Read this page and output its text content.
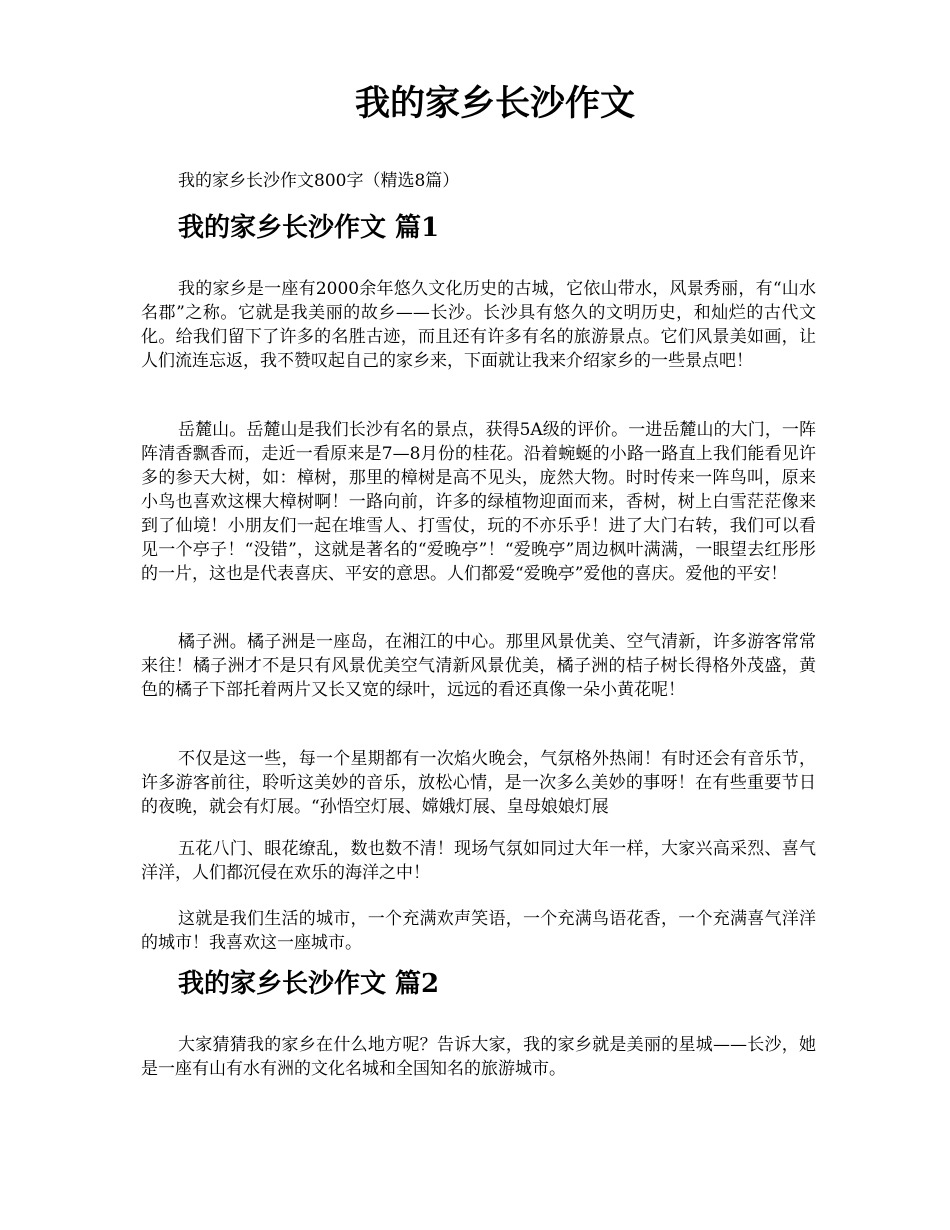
我的家乡长沙作文

我的家乡长沙作文800字（精选8篇）

我的家乡长沙作文 篇1

我的家乡是一座有2000余年悠久文化历史的古城，它依山带水，风景秀丽，有“山水名郡”之称。它就是我美丽的故乡——长沙。长沙具有悠久的文明历史，和灿烂的古代文化。给我们留下了许多的名胜古迹，而且还有许多有名的旅游景点。它们风景美如画，让人们流连忘返，我不赞叹起自己的家乡来，下面就让我来介绍家乡的一些景点吧！

岳麓山。岳麓山是我们长沙有名的景点，获得5A级的评价。一进岳麓山的大门，一阵阵清香飘香而，走近一看原来是7—8月份的桂花。沿着蜿蜒的小路一路直上我们能看见许多的参天大树，如：樟树，那里的樟树是高不见头，庞然大物。时时传来一阵鸟叫，原来小鸟也喜欢这棵大樟树啊！一路向前，许多的绿植物迎面而来，香树，树上白雪茫茫像来到了仙境！小朋友们一起在堆雪人、打雪仗，玩的不亦乐乎！进了大门右转，我们可以看见一个亭子！“没错”，这就是著名的“爱晚亭”！“爱晚亭”周边枫叶满满，一眼望去红彤彤的一片，这也是代表喜庆、平安的意思。人们都爱“爱晚亭”爱他的喜庆。爱他的平安！

橘子洲。橘子洲是一座岛，在湘江的中心。那里风景优美、空气清新，许多游客常常来往！橘子洲才不是只有风景优美空气清新风景优美，橘子洲的桔子树长得格外茂盛，黄色的橘子下部托着两片又长又宽的绿叶，远远的看还真像一朵小黄花呢！

不仅是这一些，每一个星期都有一次焰火晚会，气氛格外热闹！有时还会有音乐节，许多游客前往，聆听这美妙的音乐，放松心情，是一次多么美妙的事呀！在有些重要节日的夜晚，就会有灯展。“孙悟空灯展、嫦娥灯展、皇母娘娘灯展

五花八门、眼花缭乱，数也数不清！现场气氛如同过大年一样，大家兴高采烈、喜气洋洋，人们都沉侵在欢乐的海洋之中！

这就是我们生活的城市，一个充满欢声笑语，一个充满鸟语花香，一个充满喜气洋洋的城市！我喜欢这一座城市。

我的家乡长沙作文 篇2

大家猜猜我的家乡在什么地方呢？告诉大家，我的家乡就是美丽的星城——长沙，她是一座有山有水有洲的文化名城和全国知名的旅游城市。
